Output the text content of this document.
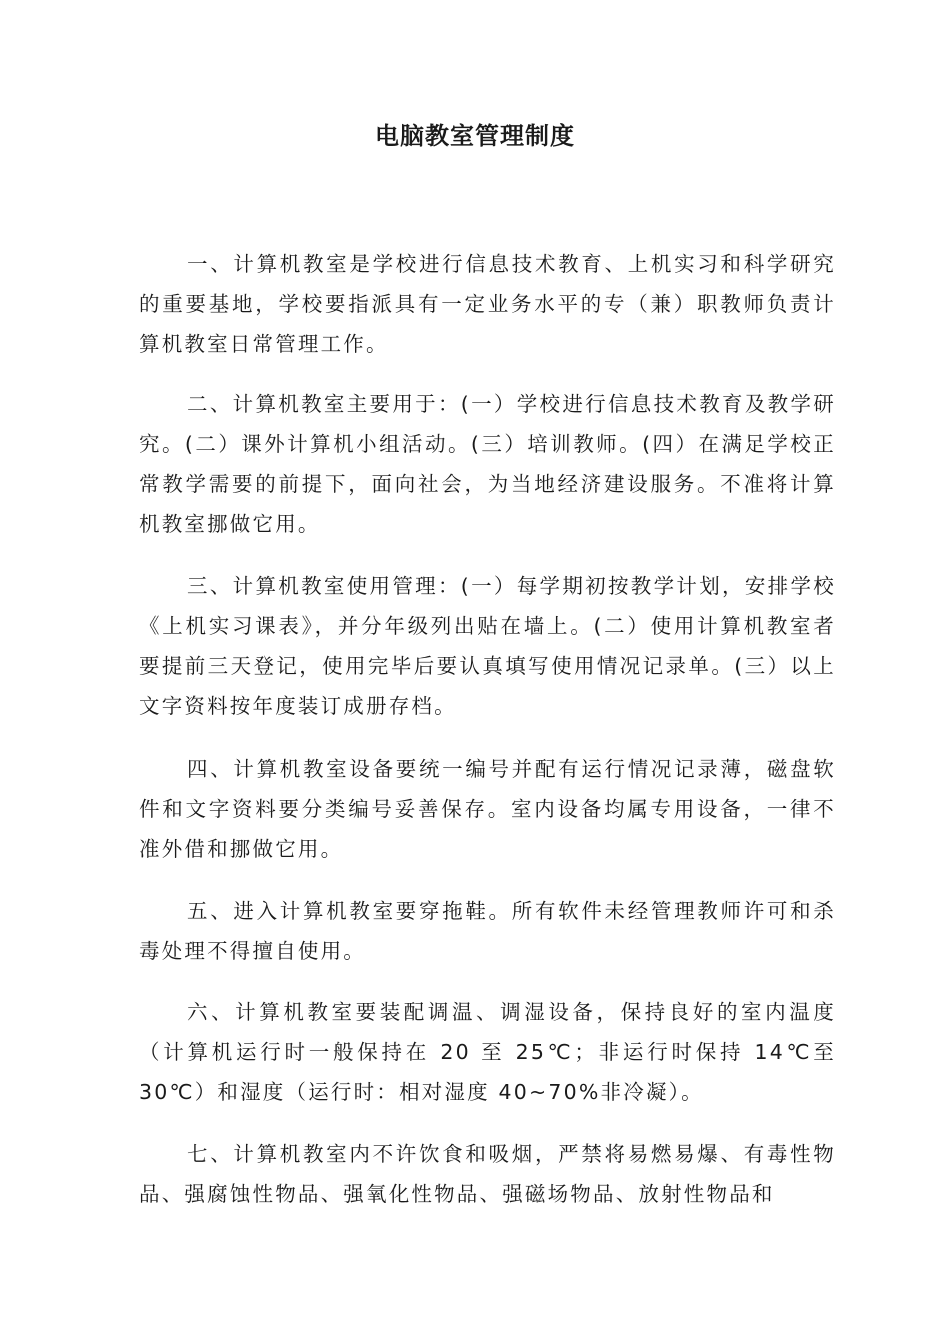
电脑教室管理制度

一、计算机教室是学校进行信息技术教育、上机实习和科学研究的重要基地，学校要指派具有一定业务水平的专（兼）职教师负责计算机教室日常管理工作。

二、计算机教室主要用于：(一）学校进行信息技术教育及教学研究。(二）课外计算机小组活动。(三）培训教师。(四）在满足学校正常教学需要的前提下，面向社会，为当地经济建设服务。不准将计算机教室挪做它用。

三、计算机教室使用管理：(一）每学期初按教学计划，安排学校《上机实习课表》，并分年级列出贴在墙上。(二）使用计算机教室者要提前三天登记，使用完毕后要认真填写使用情况记录单。(三）以上文字资料按年度装订成册存档。

四、计算机教室设备要统一编号并配有运行情况记录薄，磁盘软件和文字资料要分类编号妥善保存。室内设备均属专用设备，一律不准外借和挪做它用。

五、进入计算机教室要穿拖鞋。所有软件未经管理教师许可和杀毒处理不得擅自使用。

六、计算机教室要装配调温、调湿设备，保持良好的室内温度（计算机运行时一般保持在 20 至 25℃；非运行时保持 14℃至 30℃）和湿度（运行时：相对湿度 40~70%非冷凝）。

七、计算机教室内不许饮食和吸烟，严禁将易燃易爆、有毒性物品、强腐蚀性物品、强氧化性物品、强磁场物品、放射性物品和
